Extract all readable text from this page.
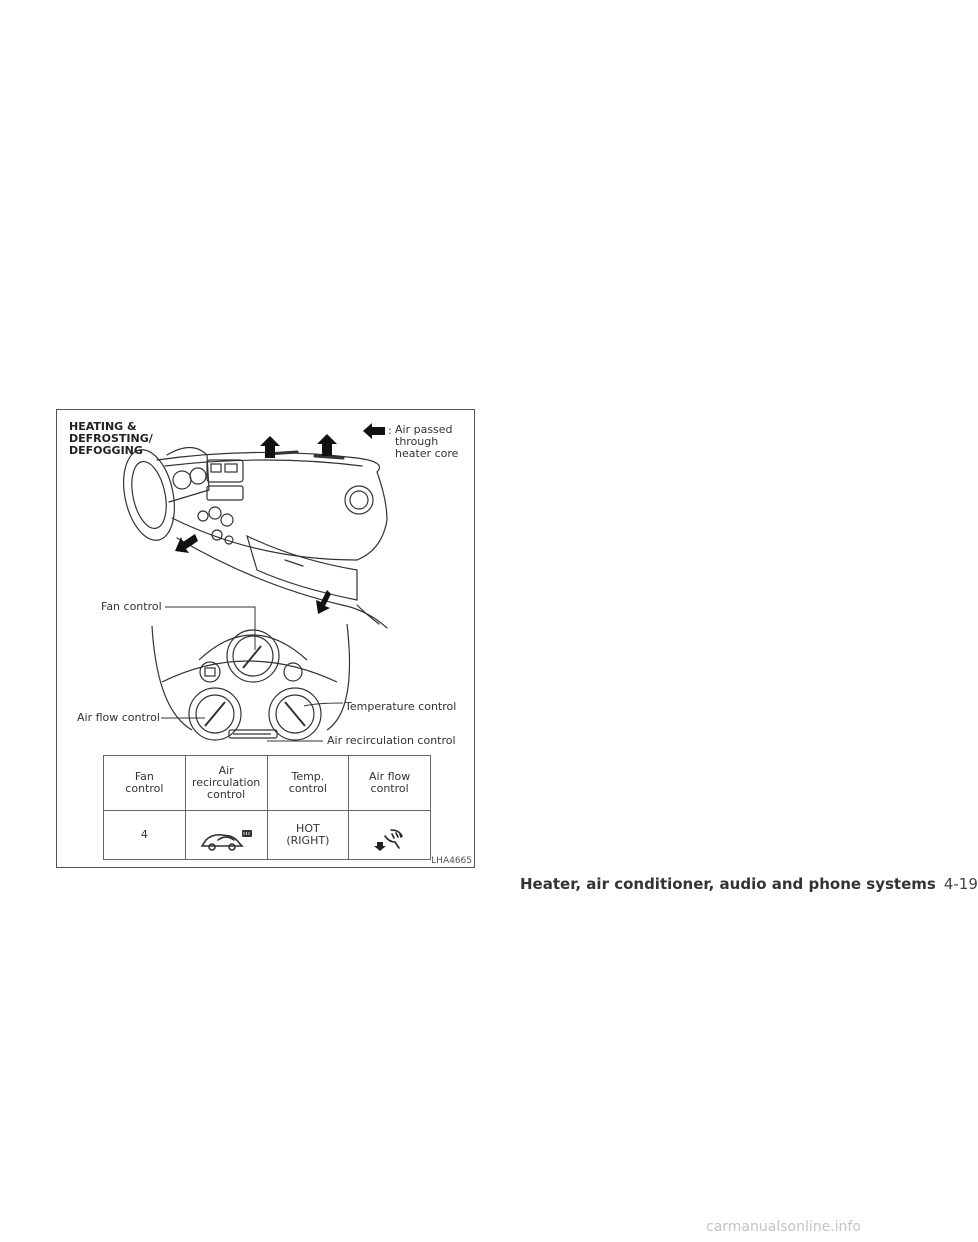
HEATING &
DEFROSTING/
DEFOGGING
: Air passed
through
heater core
Fan control
Air flow control
Temperature control
Air recirculation control
Fan
control	Air
recirculation
control	Temp.
control	Air flow
control
4		HOT
(RIGHT)	

LHA4665
Heater, air conditioner, audio and phone systems 4-19
carmanualsonline.info
